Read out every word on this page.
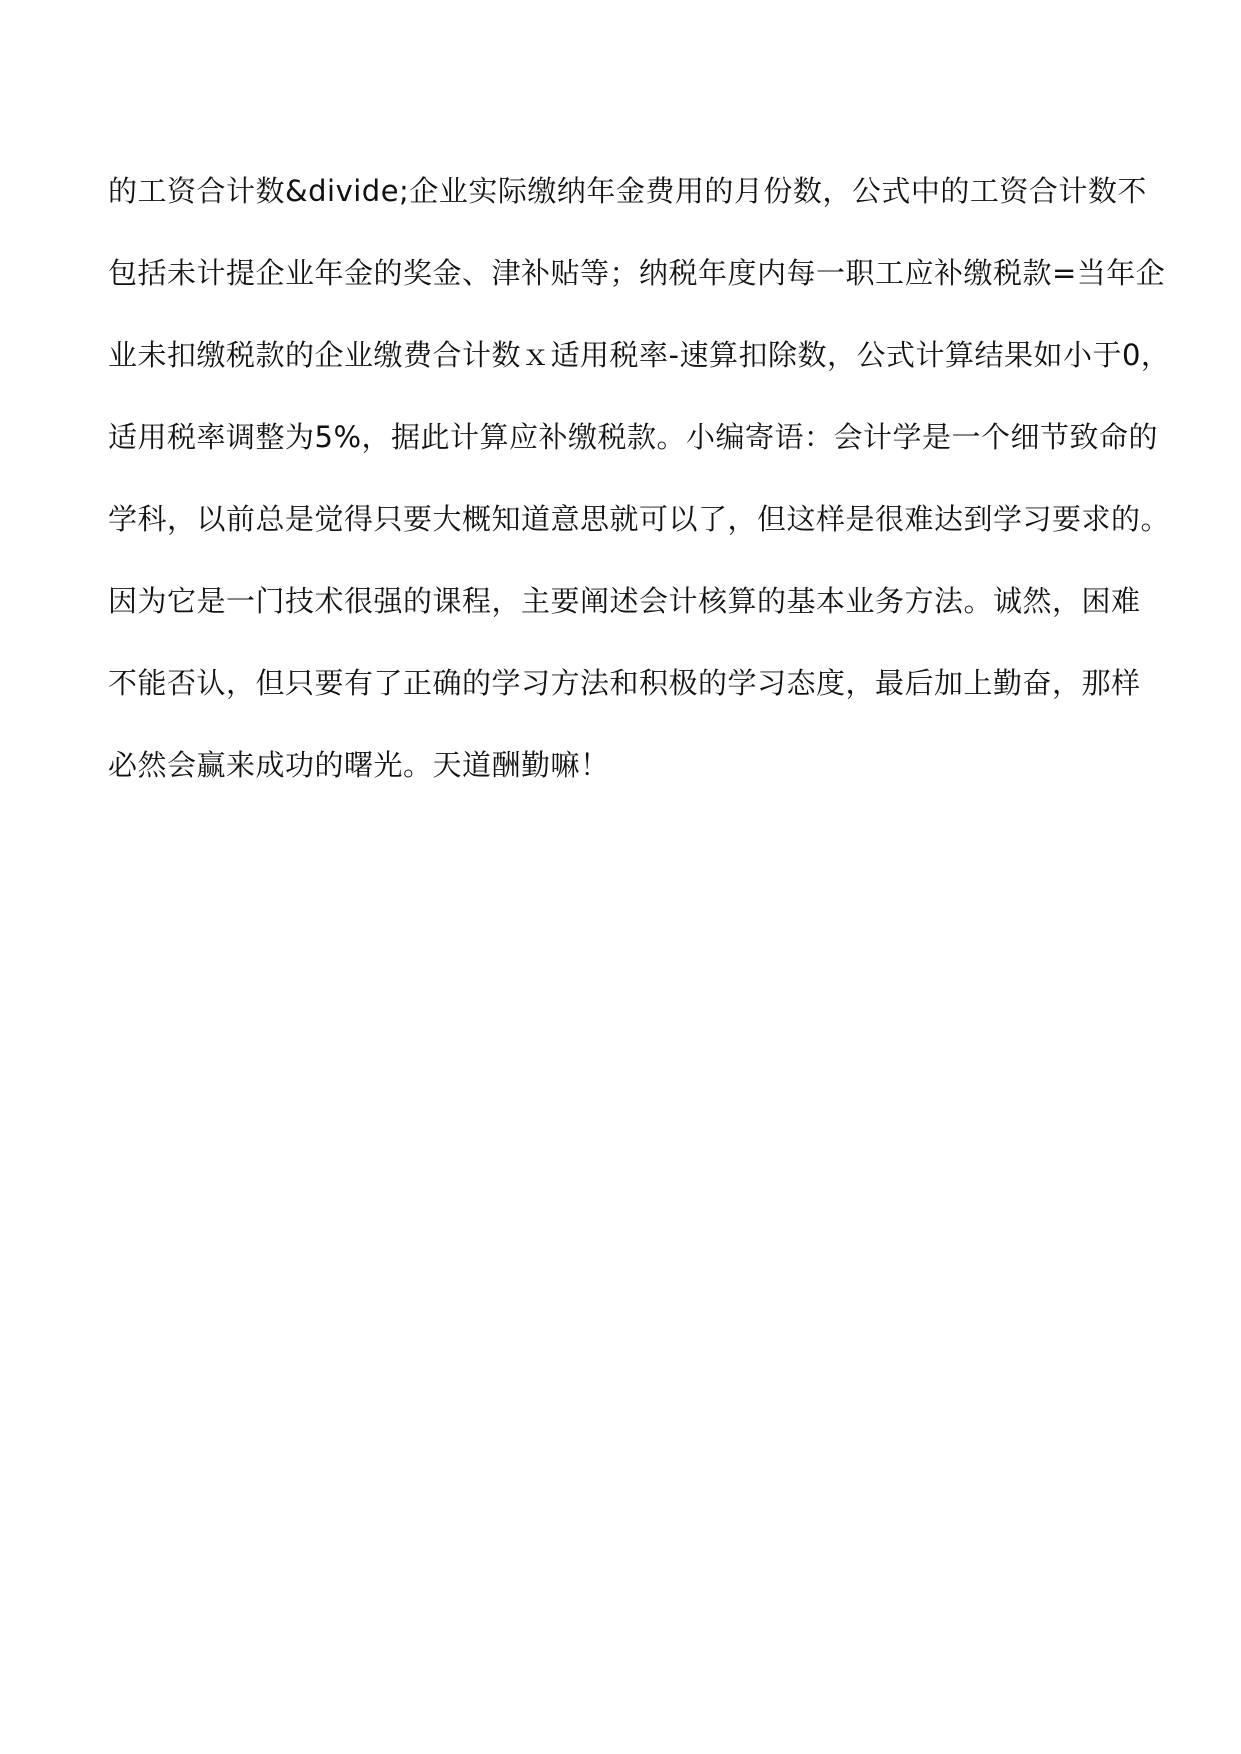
的工资合计数&divide;企业实际缴纳年金费用的月份数，公式中的工资合计数不
包括未计提企业年金的奖金、津补贴等；纳税年度内每一职工应补缴税款=当年企
业未扣缴税款的企业缴费合计数ｘ适用税率-速算扣除数，公式计算结果如小于0，
适用税率调整为5%，据此计算应补缴税款。小编寄语：会计学是一个细节致命的
学科，以前总是觉得只要大概知道意思就可以了，但这样是很难达到学习要求的。
因为它是一门技术很强的课程，主要阐述会计核算的基本业务方法。诚然，困难
不能否认，但只要有了正确的学习方法和积极的学习态度，最后加上勤奋，那样
必然会赢来成功的曙光。天道酬勤嘛！
